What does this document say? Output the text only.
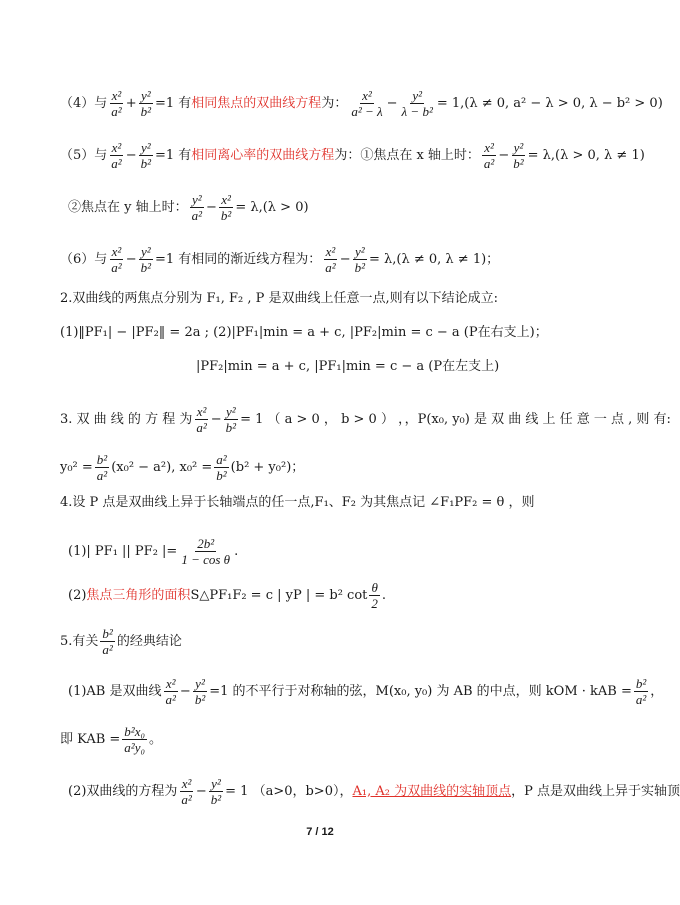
（4）与 $\frac{\text{x²}}{\text{a²}} + \frac{\text{y²}}{\text{b²}} =1$ 有 相同焦点的双曲线方程 为： $\frac{\text{x²}}{\text{a² − λ}} - \frac{\text{y²}}{\text{λ − b²}} = 1,(\lambda \ne 0$, a² − λ > 0, λ − b² > 0)
（5）与 $\frac{\text{x²}}{\text{a²}} - \frac{\text{y²}}{\text{b²}} =1$ 有 相同离心率的双曲线方程 为：①焦点在 x 轴上时： $\frac{\text{x²}}{\text{a²}} - \frac{\text{y²}}{\text{b²}} = \lambda,(\lambda > 0$, λ ≠ 1)
②焦点在 y 轴上时： $\frac{\text{y²}}{\text{a²}} - \frac{\text{x²}}{\text{b²}} = \lambda,(\lambda > 0)$
（6）与 $\frac{\text{x²}}{\text{a²}} - \frac{\text{y²}}{\text{b²}} =1$ 有相同的渐近线方程为： $\frac{\text{x²}}{\text{a²}} - \frac{\text{y²}}{\text{b²}} = \lambda,(\lambda \ne 0$, λ ≠ 1)；
2.双曲线的两焦点分别为 F₁, F₂ , P 是双曲线上任意一点,则有以下结论成立:
(1)‖PF₁| − |PF₂‖ = 2a ; (2)|PF₁|min = a + c, |PF₂|min = c − a (P在右支上)；
|PF₂|min = a + c, |PF₁|min = c − a (P在左支上)
3. 双 曲 线 的 方 程 为 $\frac{\text{x²}}{\text{a²}} - \frac{\text{y²}}{\text{b²}} = 1$ （ a > 0 ， b > 0 ） ，，P(x₀, y₀) 是 双 曲 线 上 任 意 一 点 , 则 有:
$y_0^2 = \frac{\text{b²}}{\text{a²}} (x_0^2 - a^2)$, $x_0^2 = \frac{\text{a²}}{\text{b²}} (b^2 + y_0^2)$；
4.设 P 点是双曲线上异于长轴端点的任一点,F₁、F₂ 为其焦点记 ∠F₁PF₂ = θ ，则
(1)| PF₁ || PF₂ |= $\frac{\text{2b²}}{\text{1 − cos θ}}$ .
(2) 焦点三角形的面积 S△PF₁F₂ = c | yP | = b² $\cot \frac{\theta}{2}$ .
5.有关 $\frac{\text{b²}}{\text{a²}}$ 的经典结论
(1)AB 是双曲线 $\frac{\text{x²}}{\text{a²}} - \frac{\text{y²}}{\text{b²}} =1$ 的不平行于对称轴的弦，M(x₀, y₀) 为 AB 的中点，则 kOM · kAB = $\frac{\text{b²}}{\text{a²}}$ ，
即 KAB = $\frac{\text{b²x₀}}{\text{a²y₀}}$ 。
(2)双曲线的方程为 $\frac{\text{x²}}{\text{a²}} - \frac{\text{y²}}{\text{b²}} = 1$ （a>0，b>0）， A₁, A₂ 为双曲线的实轴顶点 ，P 点是双曲线上异于实轴顶
7 / 12
